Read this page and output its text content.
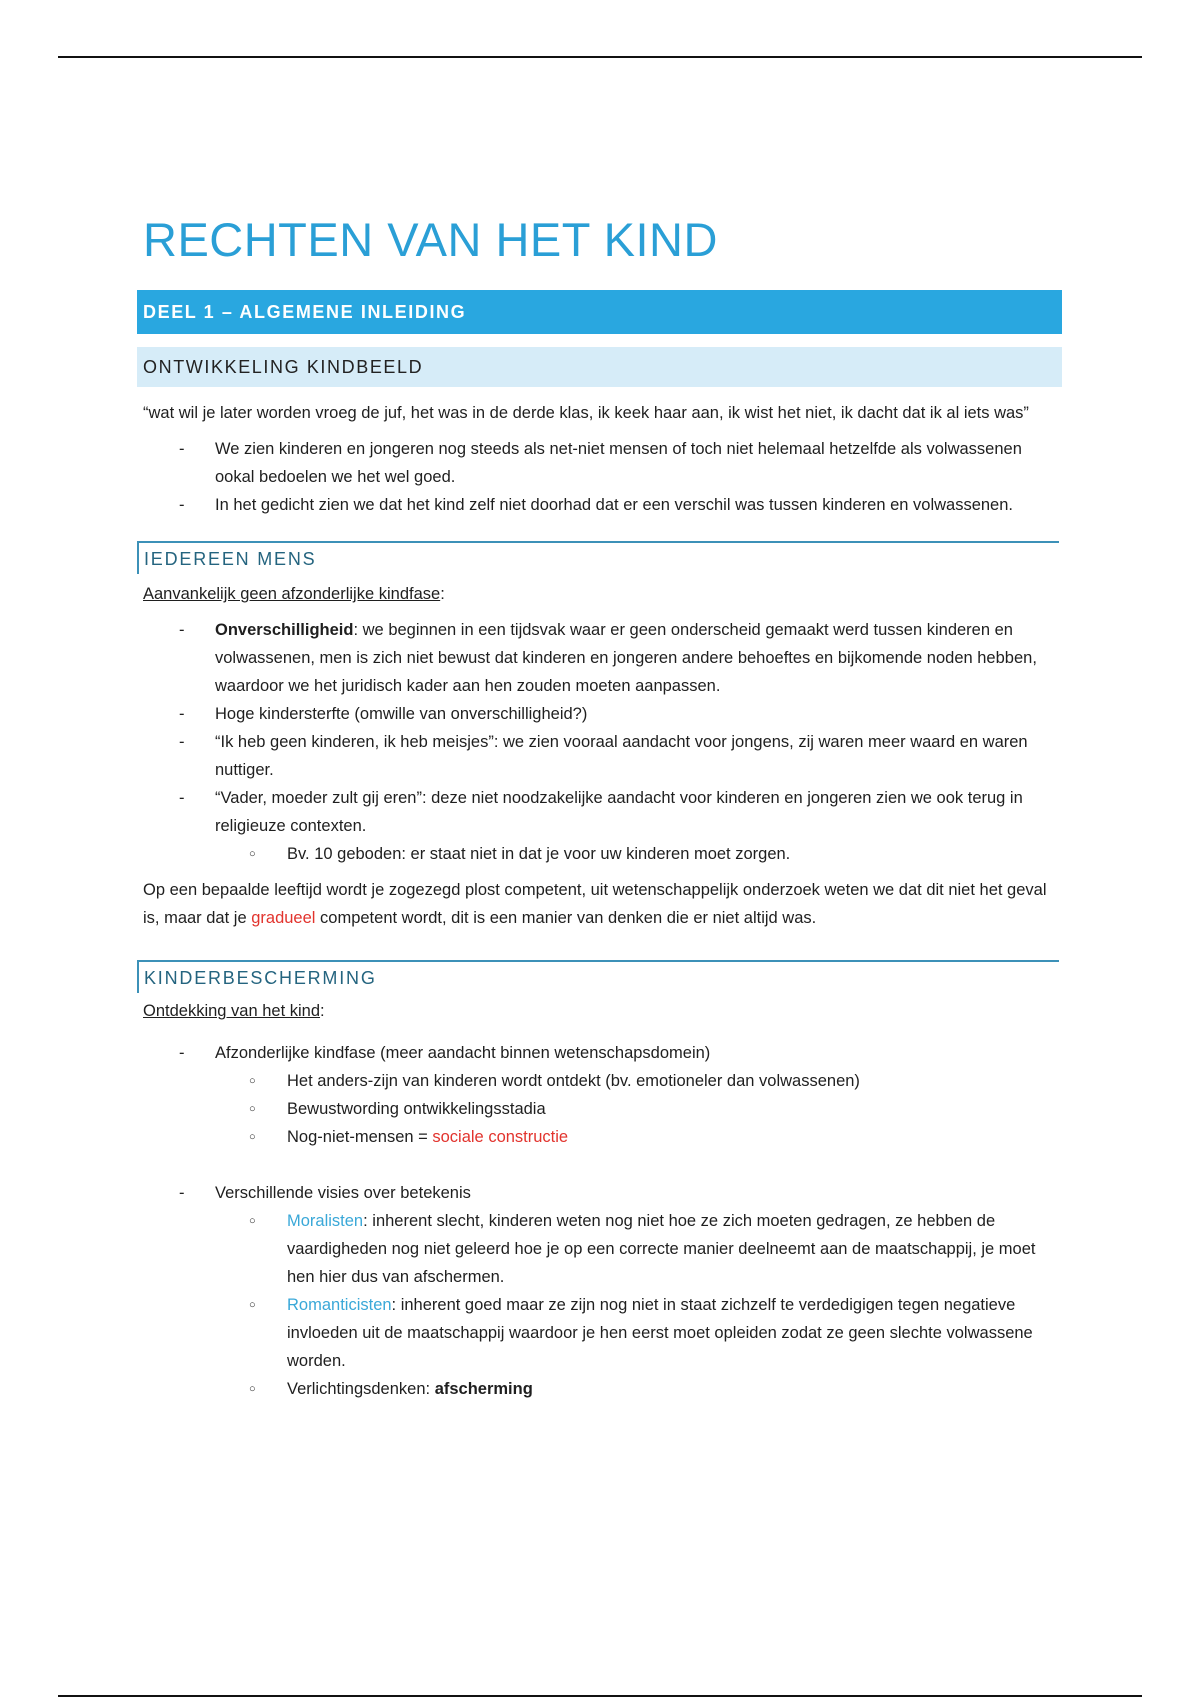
RECHTEN VAN HET KIND
DEEL 1 – ALGEMENE INLEIDING
ONTWIKKELING KINDBEELD

“wat wil je later worden vroeg de juf, het was in de derde klas, ik keek haar aan, ik wist het niet, ik dacht dat ik al iets was”

- We zien kinderen en jongeren nog steeds als net-niet mensen of toch niet helemaal hetzelfde als volwassenen ookal bedoelen we het wel goed.
- In het gedicht zien we dat het kind zelf niet doorhad dat er een verschil was tussen kinderen en volwassenen.
IEDEREEN MENS

Aanvankelijk geen afzonderlijke kindfase:

- Onverschilligheid: we beginnen in een tijdsvak waar er geen onderscheid gemaakt werd tussen kinderen en volwassenen, men is zich niet bewust dat kinderen en jongeren andere behoeftes en bijkomende noden hebben, waardoor we het juridisch kader aan hen zouden moeten aanpassen.
- Hoge kindersterfte (omwille van onverschilligheid?)
- “Ik heb geen kinderen, ik heb meisjes”: we zien vooraal aandacht voor jongens, zij waren meer waard en waren nuttiger.
- “Vader, moeder zult gij eren”: deze niet noodzakelijke aandacht voor kinderen en jongeren zien we ook terug in religieuze contexten.
○ Bv. 10 geboden: er staat niet in dat je voor uw kinderen moet zorgen.

Op een bepaalde leeftijd wordt je zogezegd plost competent, uit wetenschappelijk onderzoek weten we dat dit niet het geval is, maar dat je gradueel competent wordt, dit is een manier van denken die er niet altijd was.

KINDERBESCHERMING

Ontdekking van het kind:

- Afzonderlijke kindfase (meer aandacht binnen wetenschapsdomein)
○ Het anders-zijn van kinderen wordt ontdekt (bv. emotioneler dan volwassenen)
○ Bewustwording ontwikkelingsstadia
○ Nog-niet-mensen = sociale constructie
- Verschillende visies over betekenis
○ Moralisten: inherent slecht, kinderen weten nog niet hoe ze zich moeten gedragen, ze hebben de vaardigheden nog niet geleerd hoe je op een correcte manier deelneemt aan de maatschappij, je moet hen hier dus van afschermen.
○ Romanticisten: inherent goed maar ze zijn nog niet in staat zichzelf te verdedigigen tegen negatieve invloeden uit de maatschappij waardoor je hen eerst moet opleiden zodat ze geen slechte volwassene worden.
○ Verlichtingsdenken: afscherming
